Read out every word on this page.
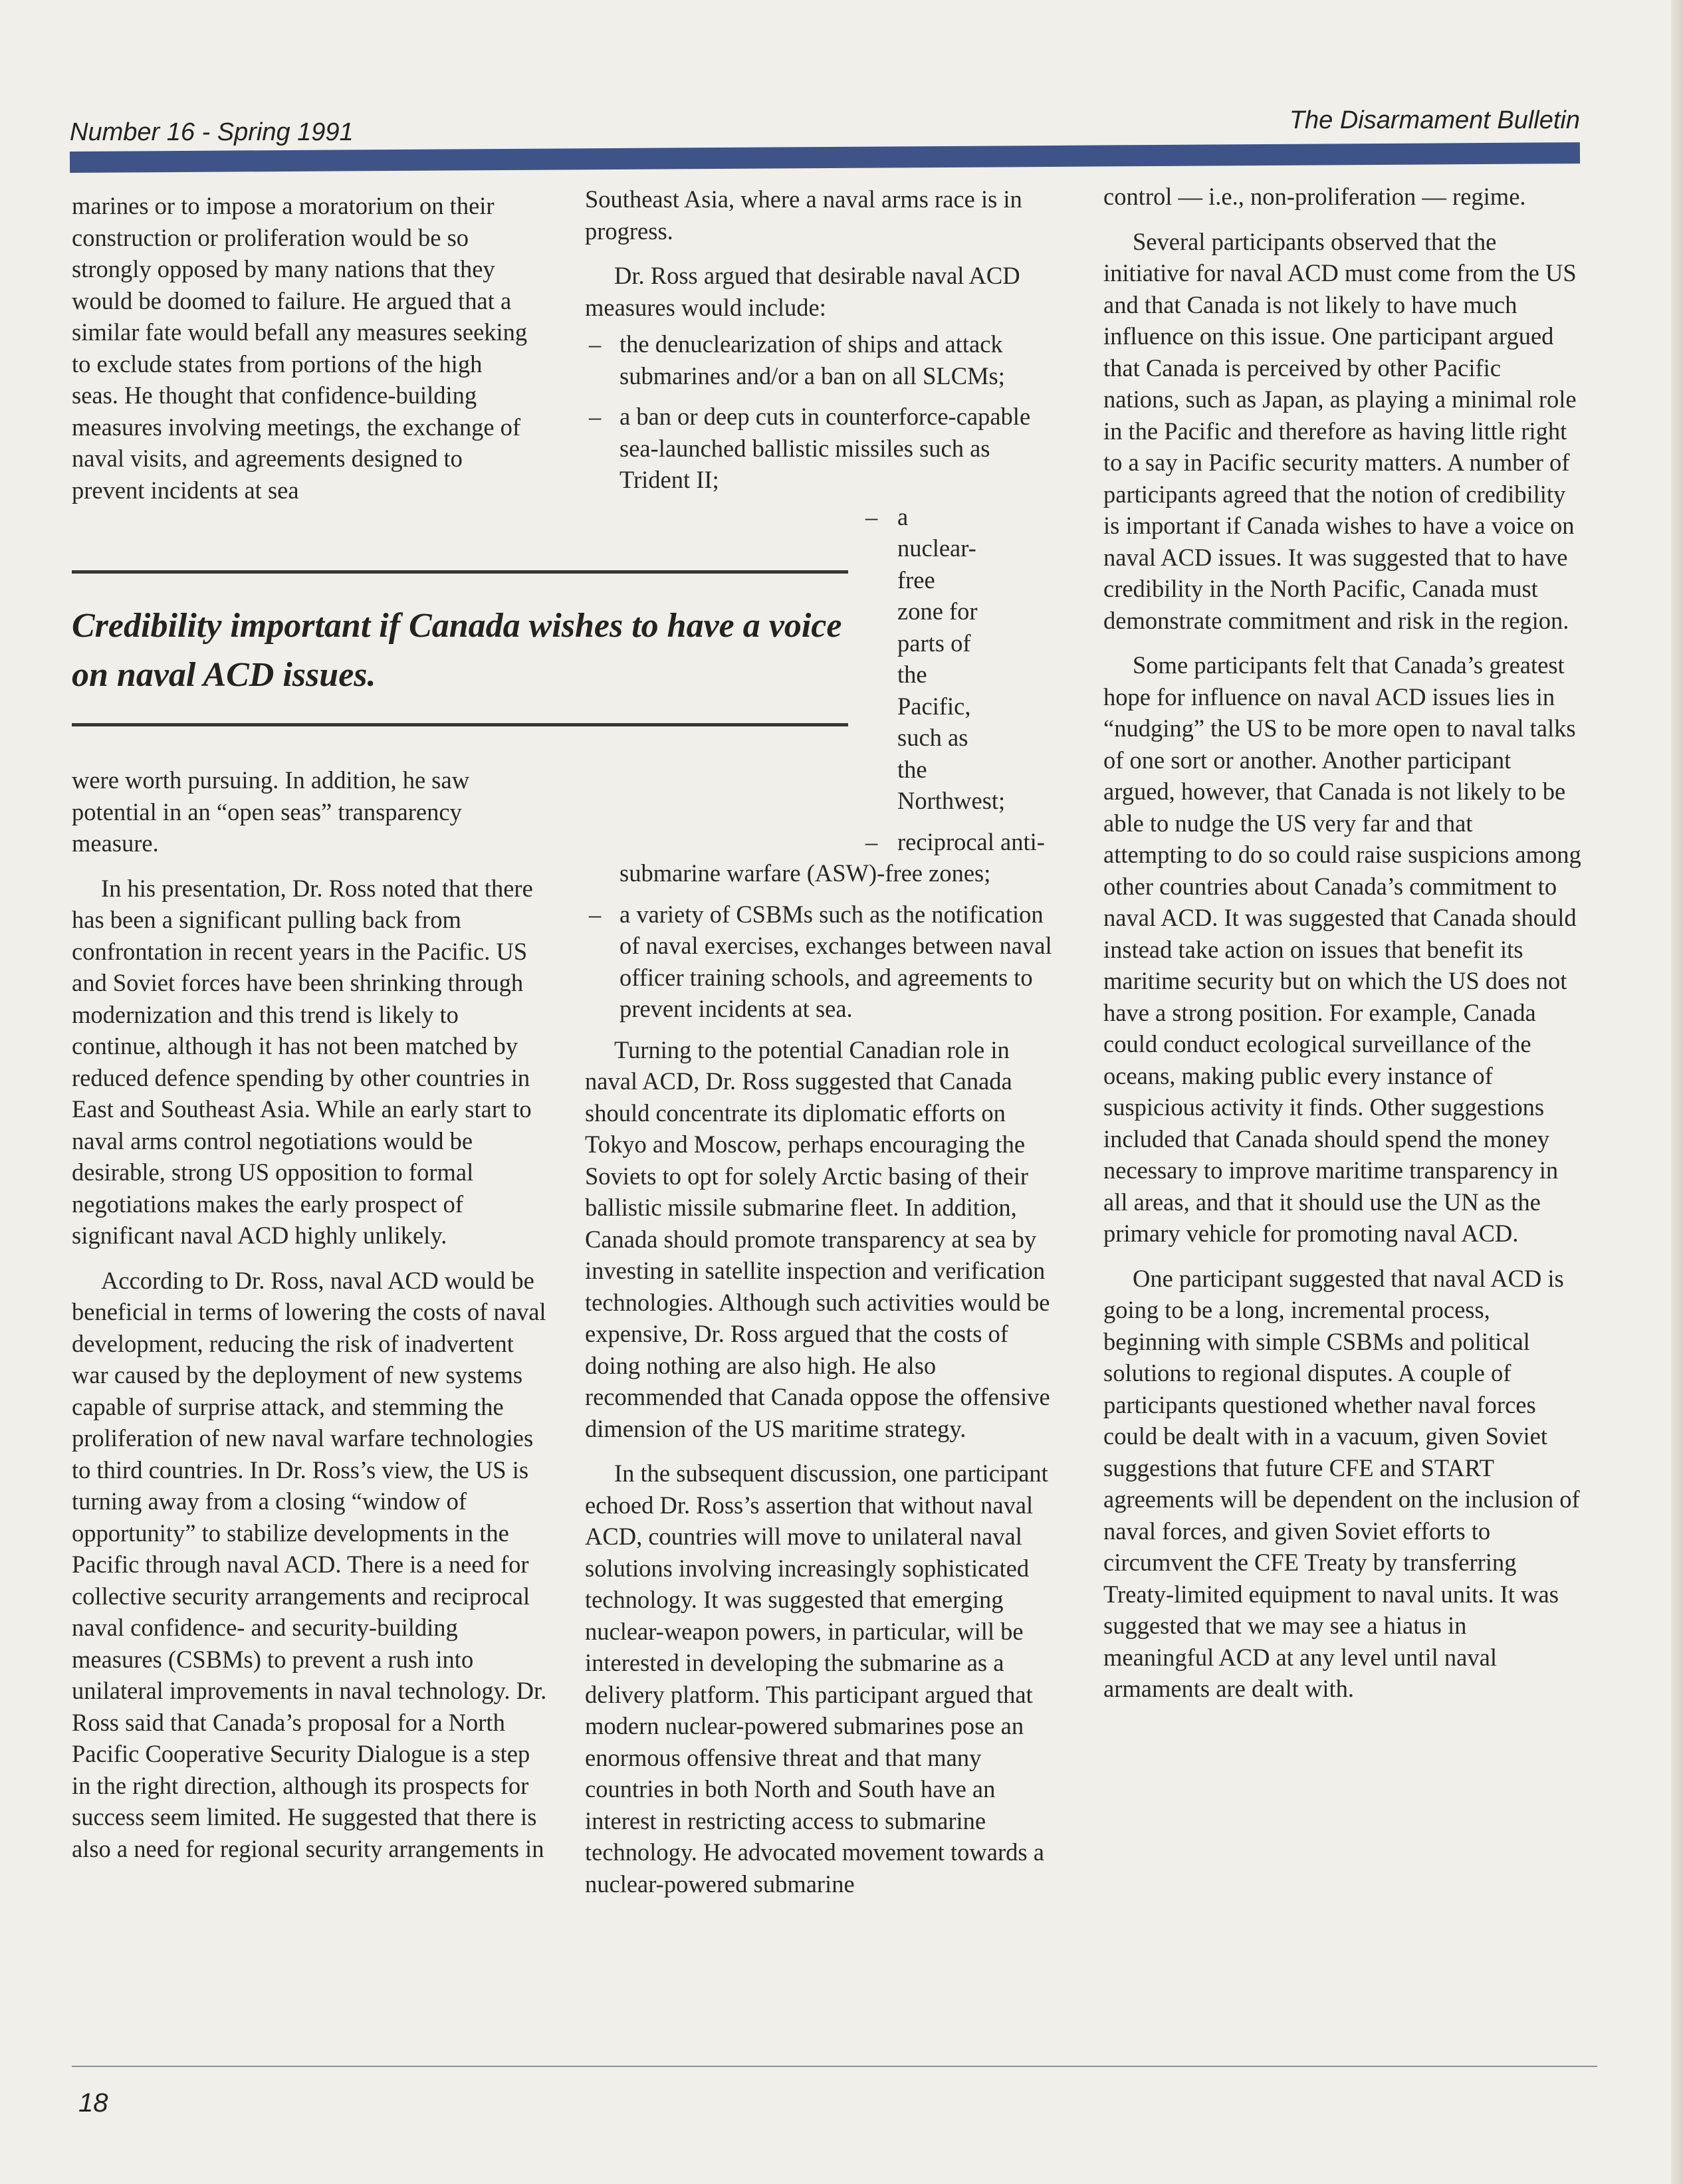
Number 16 - Spring 1991	The Disarmament Bulletin

marines or to impose a moratorium on their construction or proliferation would be so strongly opposed by many nations that they would be doomed to failure. He argued that a similar fate would befall any measures seeking to exclude states from portions of the high seas. He thought that confidence-building measures involving meetings, the exchange of naval visits, and agreements designed to prevent incidents at sea

Credibility important if Canada wishes to have a voice on naval ACD issues.

were worth pursuing. In addition, he saw potential in an “open seas” transparency measure.

In his presentation, Dr. Ross noted that there has been a significant pulling back from confrontation in recent years in the Pacific. US and Soviet forces have been shrinking through modernization and this trend is likely to continue, although it has not been matched by reduced defence spending by other countries in East and Southeast Asia. While an early start to naval arms control negotiations would be desirable, strong US opposition to formal negotiations makes the early prospect of significant naval ACD highly unlikely.

According to Dr. Ross, naval ACD would be beneficial in terms of lowering the costs of naval development, reducing the risk of inadvertent war caused by the deployment of new systems capable of surprise attack, and stemming the proliferation of new naval warfare technologies to third countries. In Dr. Ross’s view, the US is turning away from a closing “window of opportunity” to stabilize developments in the Pacific through naval ACD. There is a need for collective security arrangements and reciprocal naval confidence- and security-building measures (CSBMs) to prevent a rush into unilateral improvements in naval technology. Dr. Ross said that Canada’s proposal for a North Pacific Cooperative Security Dialogue is a step in the right direction, although its prospects for success seem limited. He suggested that there is also a need for regional security arrangements in

Southeast Asia, where a naval arms race is in progress.

Dr. Ross argued that desirable naval ACD measures would include:

– the denuclearization of ships and attack submarines and/or a ban on all SLCMs;
– a ban or deep cuts in counterforce-capable sea-launched ballistic missiles such as Trident II;
– a nuclear-free zone for parts of the Pacific, such as the Northwest;
– reciprocal anti-submarine warfare (ASW)-free zones;
– a variety of CSBMs such as the notification of naval exercises, exchanges between naval officer training schools, and agreements to prevent incidents at sea.

Turning to the potential Canadian role in naval ACD, Dr. Ross suggested that Canada should concentrate its diplomatic efforts on Tokyo and Moscow, perhaps encouraging the Soviets to opt for solely Arctic basing of their ballistic missile submarine fleet. In addition, Canada should promote transparency at sea by investing in satellite inspection and verification technologies. Although such activities would be expensive, Dr. Ross argued that the costs of doing nothing are also high. He also recommended that Canada oppose the offensive dimension of the US maritime strategy.

In the subsequent discussion, one participant echoed Dr. Ross’s assertion that without naval ACD, countries will move to unilateral naval solutions involving increasingly sophisticated technology. It was suggested that emerging nuclear-weapon powers, in particular, will be interested in developing the submarine as a delivery platform. This participant argued that modern nuclear-powered submarines pose an enormous offensive threat and that many countries in both North and South have an interest in restricting access to submarine technology. He advocated movement towards a nuclear-powered submarine

control — i.e., non-proliferation — regime.

Several participants observed that the initiative for naval ACD must come from the US and that Canada is not likely to have much influence on this issue. One participant argued that Canada is perceived by other Pacific nations, such as Japan, as playing a minimal role in the Pacific and therefore as having little right to a say in Pacific security matters. A number of participants agreed that the notion of credibility is important if Canada wishes to have a voice on naval ACD issues. It was suggested that to have credibility in the North Pacific, Canada must demonstrate commitment and risk in the region.

Some participants felt that Canada’s greatest hope for influence on naval ACD issues lies in “nudging” the US to be more open to naval talks of one sort or another. Another participant argued, however, that Canada is not likely to be able to nudge the US very far and that attempting to do so could raise suspicions among other countries about Canada’s commitment to naval ACD. It was suggested that Canada should instead take action on issues that benefit its maritime security but on which the US does not have a strong position. For example, Canada could conduct ecological surveillance of the oceans, making public every instance of suspicious activity it finds. Other suggestions included that Canada should spend the money necessary to improve maritime transparency in all areas, and that it should use the UN as the primary vehicle for promoting naval ACD.

One participant suggested that naval ACD is going to be a long, incremental process, beginning with simple CSBMs and political solutions to regional disputes. A couple of participants questioned whether naval forces could be dealt with in a vacuum, given Soviet suggestions that future CFE and START agreements will be dependent on the inclusion of naval forces, and given Soviet efforts to circumvent the CFE Treaty by transferring Treaty-limited equipment to naval units. It was suggested that we may see a hiatus in meaningful ACD at any level until naval armaments are dealt with.

18
